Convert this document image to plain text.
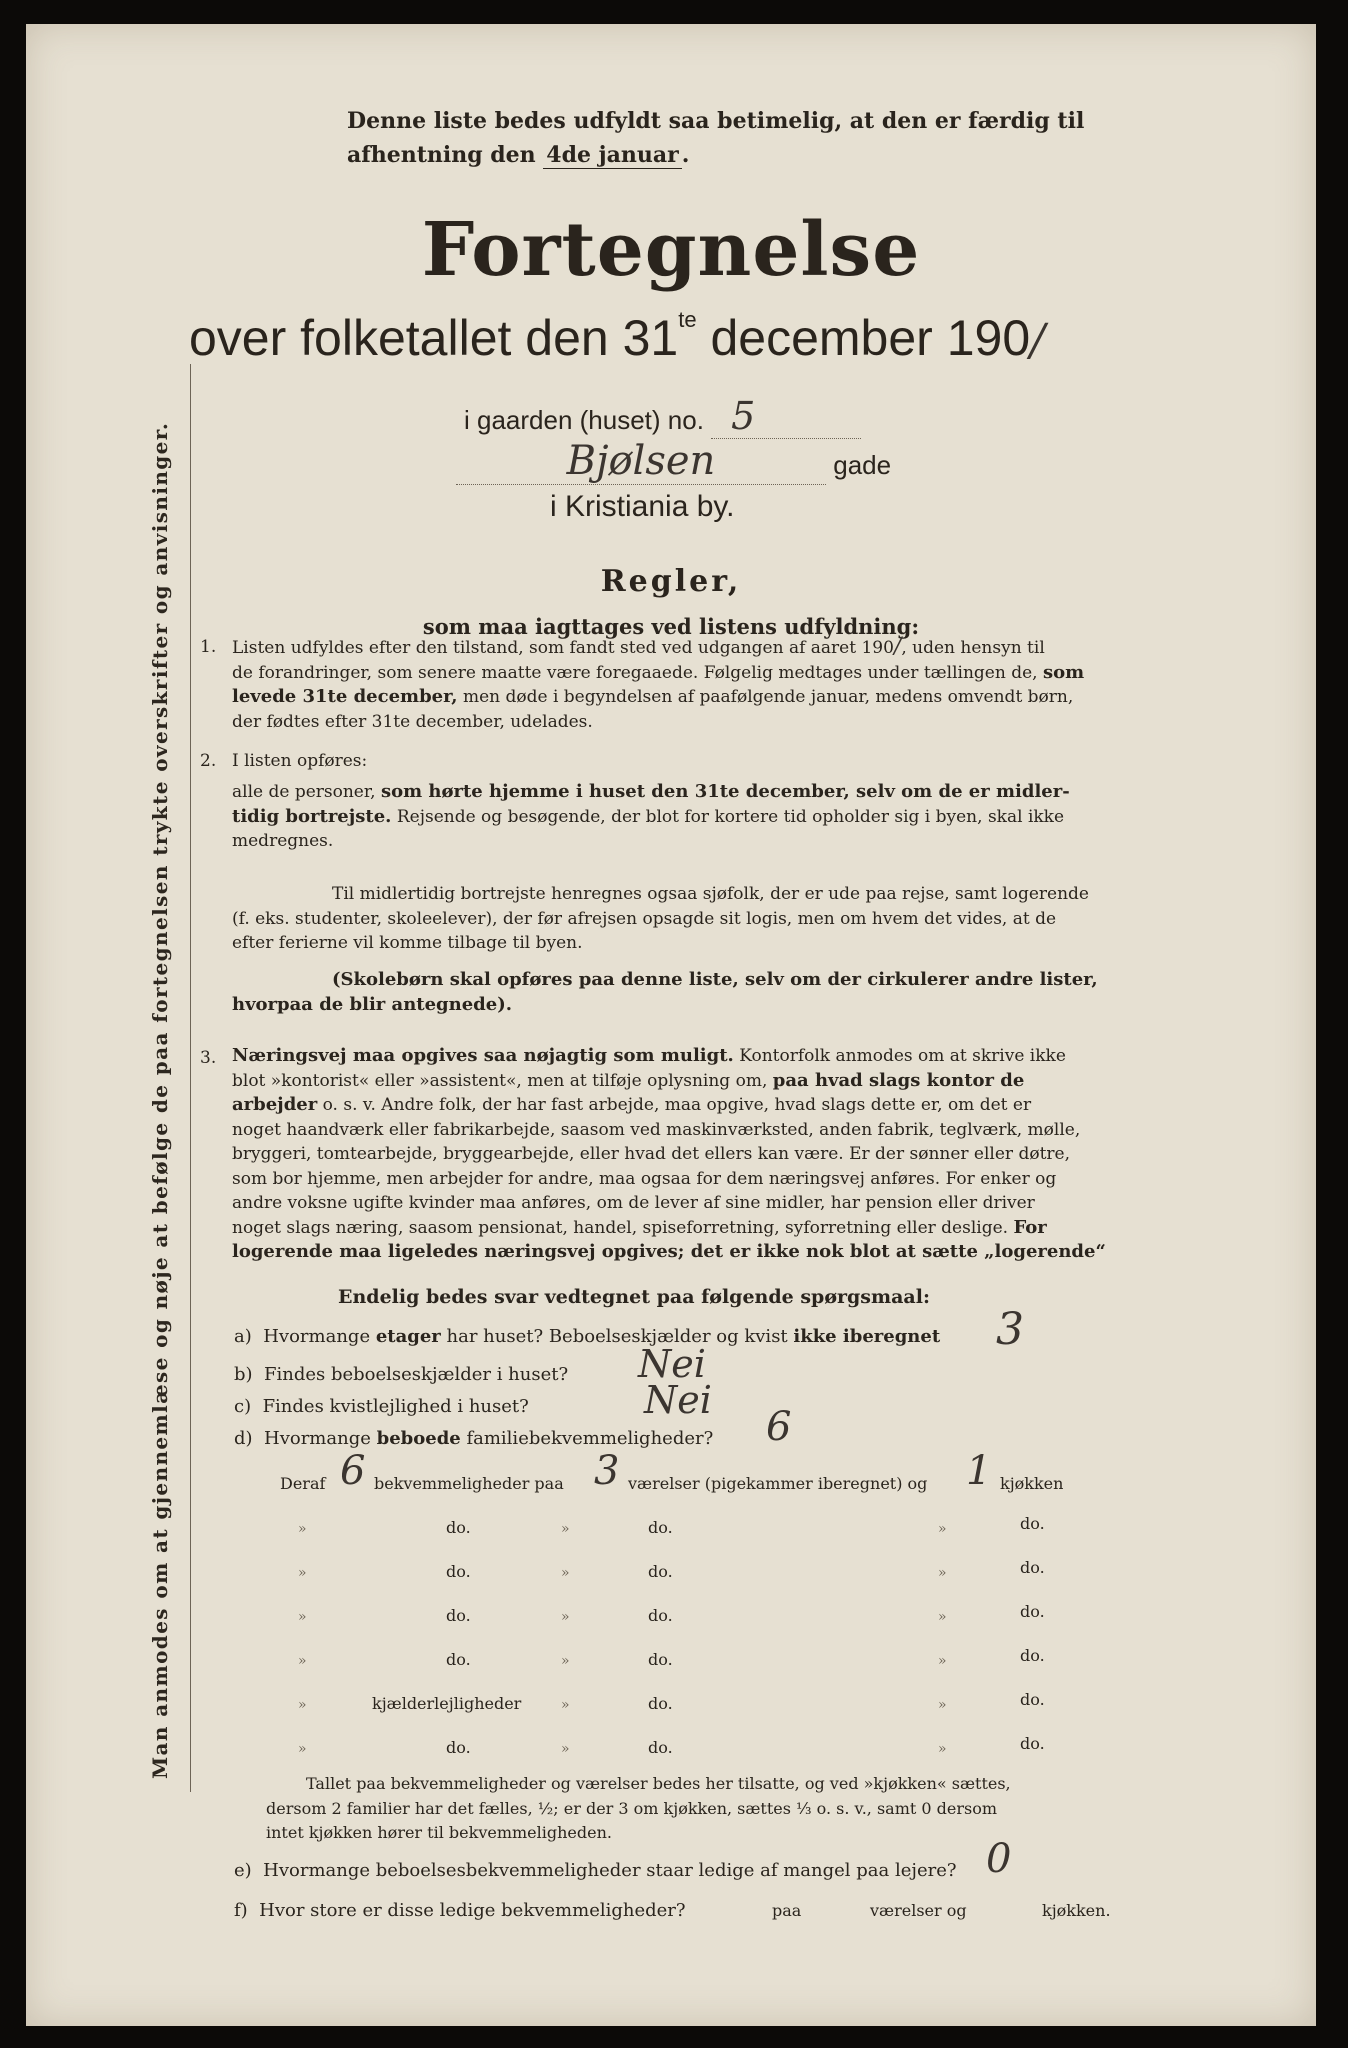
Man anmodes om at gjennemlæse og nøje at befølge de paa fortegnelsen trykte overskrifter og anvisninger.
Denne liste bedes udfyldt saa betimelig, at den er færdig til
afhentning den 4de januar .
Fortegnelse
over folketallet den $31^{te}$ december 190/
i gaarden (huset) no. 5
Bjølsen	gade
i Kristiania by.
Regler,
som maa iagttages ved listens udfyldning:
1. Listen udfyldes efter den tilstand, som fandt sted ved udgangen af aaret 190/, uden hensyn til
de forandringer, som senere maatte være foregaaede. Følgelig medtages under tællingen de, som
levede 31te december, men døde i begyndelsen af paafølgende januar, medens omvendt børn,
der fødtes efter 31te december, udelades.
2. I listen opføres:
alle de personer, som hørte hjemme i huset den 31te december, selv om de er midler-
tidig bortrejste. Rejsende og besøgende, der blot for kortere tid opholder sig i byen, skal ikke
medregnes.
Til midlertidig bortrejste henregnes ogsaa sjøfolk, der er ude paa rejse, samt logerende
(f. eks. studenter, skoleelever), der før afrejsen opsagde sit logis, men om hvem det vides, at de
efter ferierne vil komme tilbage til byen.
(Skolebørn skal opføres paa denne liste, selv om der cirkulerer andre lister,
hvorpaa de blir antegnede).
3. Næringsvej maa opgives saa nøjagtig som muligt. Kontorfolk anmodes om at skrive ikke
blot »kontorist« eller »assistent«, men at tilføje oplysning om, paa hvad slags kontor de
arbejder o. s. v. Andre folk, der har fast arbejde, maa opgive, hvad slags dette er, om det er
noget haandværk eller fabrikarbejde, saasom ved maskinværksted, anden fabrik, teglværk, mølle,
bryggeri, tomtearbejde, bryggearbejde, eller hvad det ellers kan være. Er der sønner eller døtre,
som bor hjemme, men arbejder for andre, maa ogsaa for dem næringsvej anføres. For enker og
andre voksne ugifte kvinder maa anføres, om de lever af sine midler, har pension eller driver
noget slags næring, saasom pensionat, handel, spiseforretning, syforretning eller deslige. For
logerende maa ligeledes næringsvej opgives; det er ikke nok blot at sætte „logerende“
Endelig bedes svar vedtegnet paa følgende spørgsmaal:
a) Hvormange etager har huset? Beboelseskjælder og kvist ikke iberegnet 3
b) Findes beboelseskjælder i huset? Nei
c) Findes kvistlejlighed i huset?	Nei
d) Hvormange beboede familiebekvemmeligheder? 6
Deraf 6 bekvemmeligheder paa 3 værelser (pigekammer iberegnet) og 1 kjøkken
»	do.	»	do.	»	do.
»	do.	»	do.	»	do.
»	do.	»	do.	»	do.
»	do.	»	do.	»	do.
»	kjælderlejligheder	»	do.	»	do.
»	do.	»	do.	»	do.
Tallet paa bekvemmeligheder og værelser bedes her tilsatte, og ved »kjøkken« sættes,
dersom 2 familier har det fælles, ½; er der 3 om kjøkken, sættes ⅓ o. s. v., samt 0 dersom
intet kjøkken hører til bekvemmeligheden.
e) Hvormange beboelsesbekvemmeligheder staar ledige af mangel paa lejere? 0
f) Hvor store er disse ledige bekvemmeligheder?	paa	værelser og	kjøkken.
